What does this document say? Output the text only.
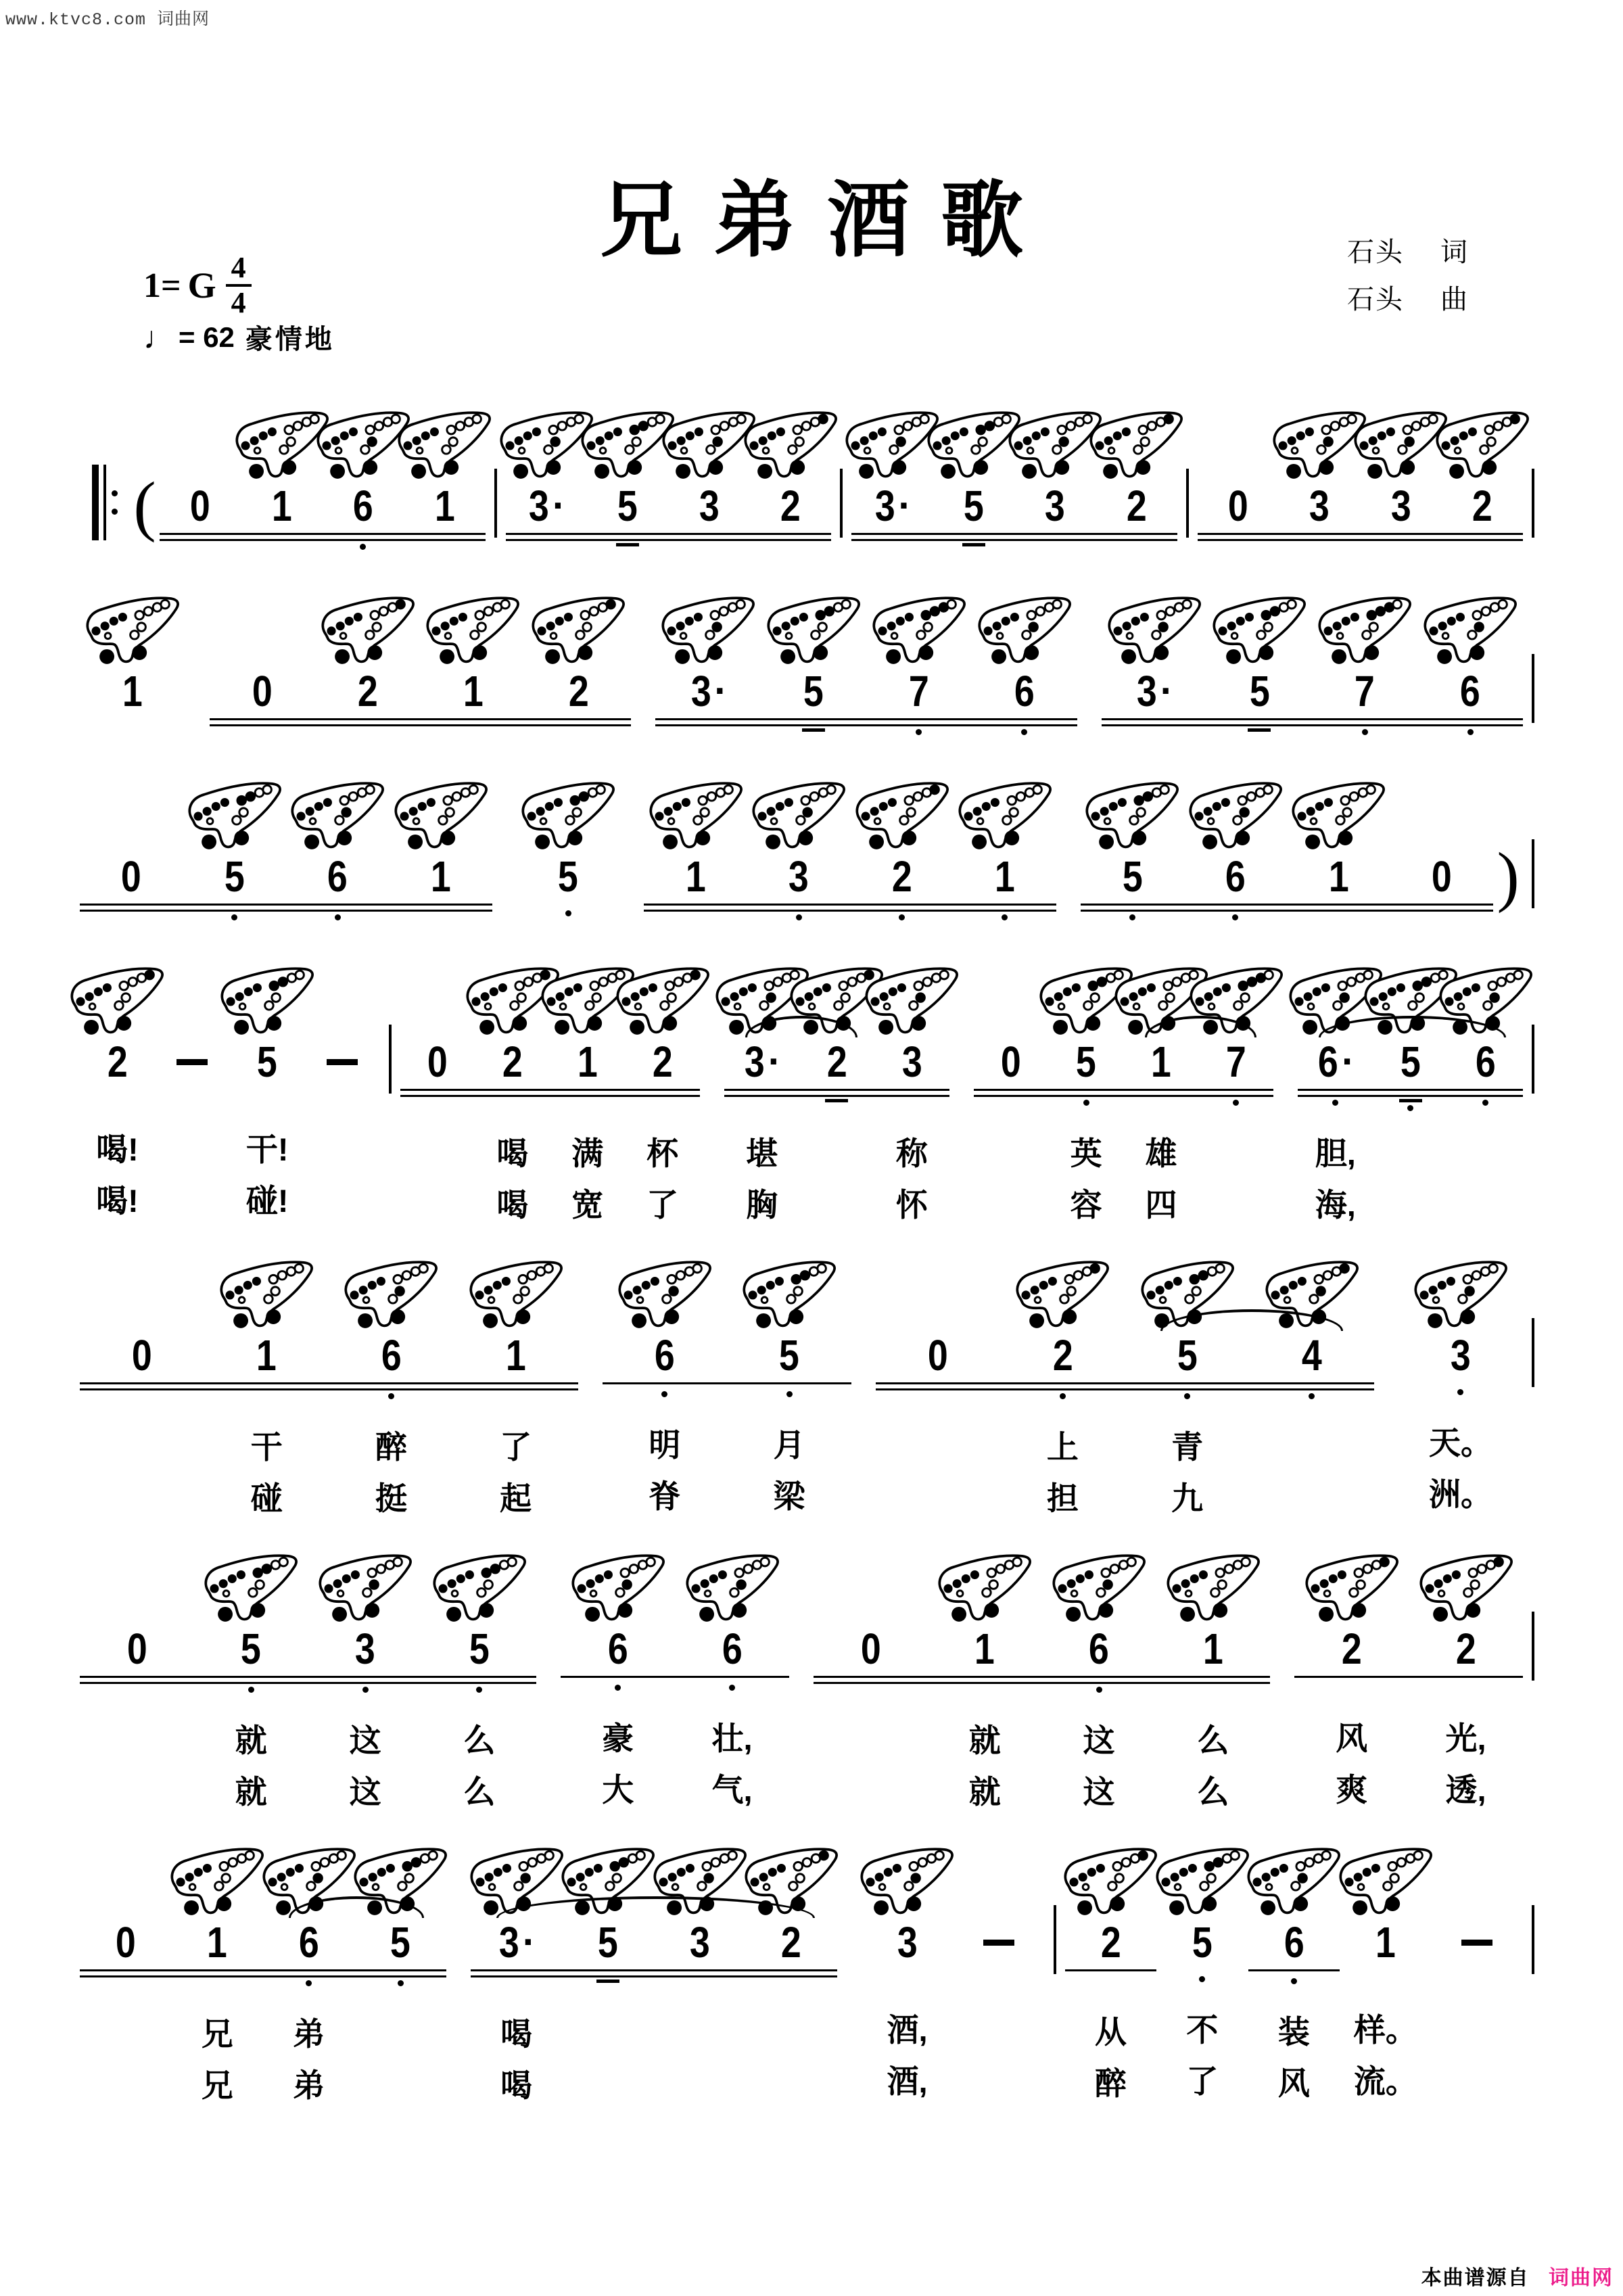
www.ktvc8.com 词曲网
兄弟酒歌
1= G $\frac{4}{4}$
♩ = 62 豪情地
石头 词
石头 曲
( 0 1 6 1 3 · 5 3 2 3 · 5 3 2 0 3 3 2
1	0 2 1 2 3 · 5 7 6 3 · 5 7 6
0 5 6 1 5 1 3 2 1 5 6 1 0 )
2
喝!
喝!
5
干!
碰!
0 2
喝
喝
1
满
宽
2
杯
了
3 ·
堪
胸
2 3
称
怀
0 5
英
容
1
雄
四
7 6 ·
胆,
海,
5 6
0 1
干
碰
6
醉
挺
1
了
起
6
明
脊
5
月
梁
0 2
上
担
5
青
九
4	3
天。
洲。
0 5
就
就
3
这
这
5
么
么
6
豪
大
6
壮,
气,
0 1
就
就
6
这
这
1
么
么
2
风
爽
2
光,
透,
0 1
兄
兄
6
弟
弟
5 3 ·
喝
喝
5 3 2 3
酒,
酒,
2
从
醉
5
不
了
6
装
风
1
样。
流。
本曲谱源自 词曲网
